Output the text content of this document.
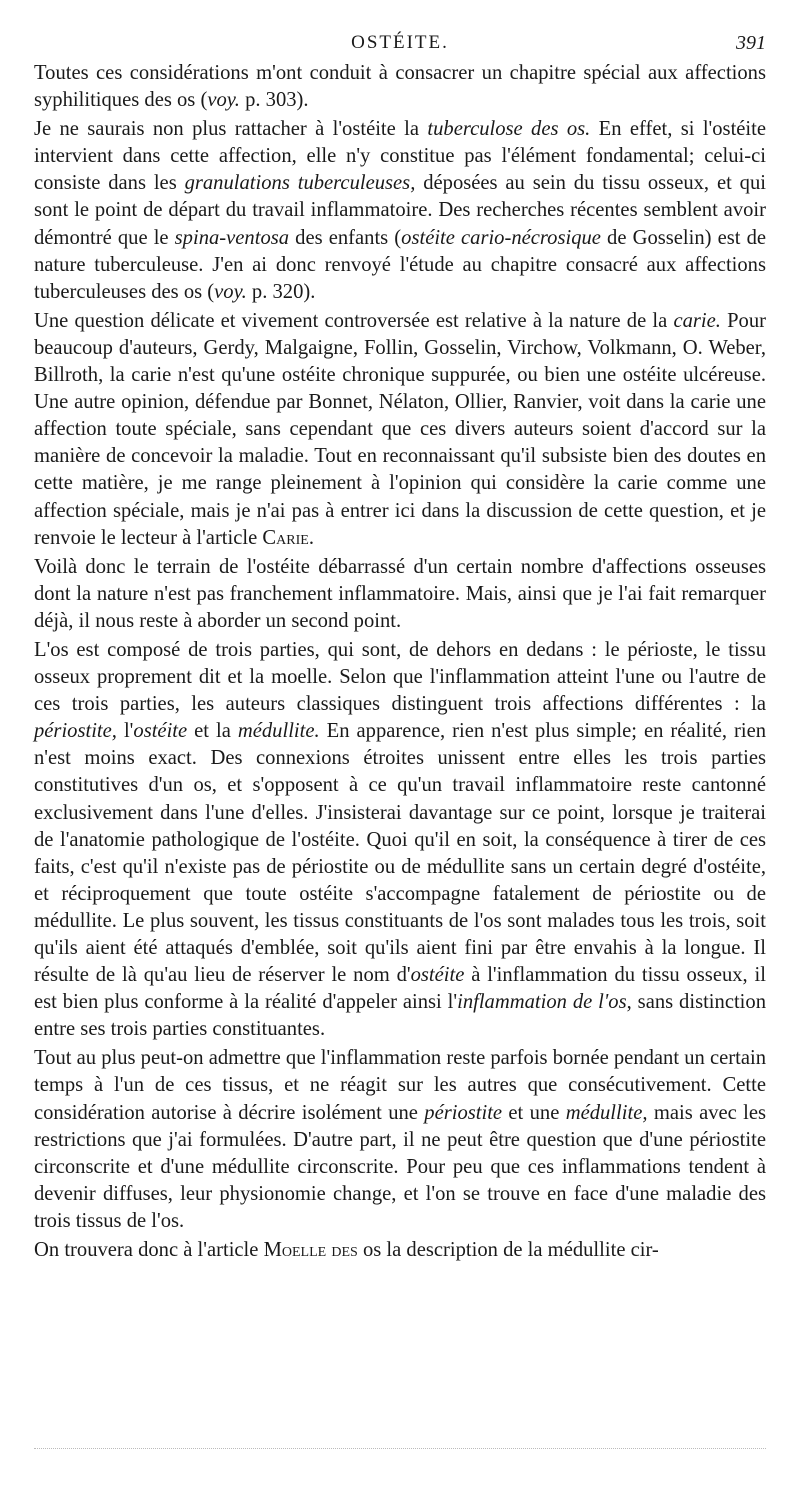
OSTÉITE.	391

Toutes ces considérations m'ont conduit à consacrer un chapitre spécial aux affections syphilitiques des os (voy. p. 303).

Je ne saurais non plus rattacher à l'ostéite la tuberculose des os. En effet, si l'ostéite intervient dans cette affection, elle n'y constitue pas l'élément fondamental; celui-ci consiste dans les granulations tuberculeuses, déposées au sein du tissu osseux, et qui sont le point de départ du travail inflammatoire. Des recherches récentes semblent avoir démontré que le spina-ventosa des enfants (ostéite cario-nécrosique de Gosselin) est de nature tuberculeuse. J'en ai donc renvoyé l'étude au chapitre consacré aux affections tuberculeuses des os (voy. p. 320).

Une question délicate et vivement controversée est relative à la nature de la carie. Pour beaucoup d'auteurs, Gerdy, Malgaigne, Follin, Gosselin, Virchow, Volkmann, O. Weber, Billroth, la carie n'est qu'une ostéite chronique suppurée, ou bien une ostéite ulcéreuse. Une autre opinion, défendue par Bonnet, Nélaton, Ollier, Ranvier, voit dans la carie une affection toute spéciale, sans cependant que ces divers auteurs soient d'accord sur la manière de concevoir la maladie. Tout en reconnaissant qu'il subsiste bien des doutes en cette matière, je me range pleinement à l'opinion qui considère la carie comme une affection spéciale, mais je n'ai pas à entrer ici dans la discussion de cette question, et je renvoie le lecteur à l'article Carie.

Voilà donc le terrain de l'ostéite débarrassé d'un certain nombre d'affections osseuses dont la nature n'est pas franchement inflammatoire. Mais, ainsi que je l'ai fait remarquer déjà, il nous reste à aborder un second point.

L'os est composé de trois parties, qui sont, de dehors en dedans : le périoste, le tissu osseux proprement dit et la moelle. Selon que l'inflammation atteint l'une ou l'autre de ces trois parties, les auteurs classiques distinguent trois affections différentes : la périostite, l'ostéite et la médullite. En apparence, rien n'est plus simple; en réalité, rien n'est moins exact. Des connexions étroites unissent entre elles les trois parties constitutives d'un os, et s'opposent à ce qu'un travail inflammatoire reste cantonné exclusivement dans l'une d'elles. J'insisterai davantage sur ce point, lorsque je traiterai de l'anatomie pathologique de l'ostéite. Quoi qu'il en soit, la conséquence à tirer de ces faits, c'est qu'il n'existe pas de périostite ou de médullite sans un certain degré d'ostéite, et réciproquement que toute ostéite s'accompagne fatalement de périostite ou de médullite. Le plus souvent, les tissus constituants de l'os sont malades tous les trois, soit qu'ils aient été attaqués d'emblée, soit qu'ils aient fini par être envahis à la longue. Il résulte de là qu'au lieu de réserver le nom d'ostéite à l'inflammation du tissu osseux, il est bien plus conforme à la réalité d'appeler ainsi l'inflammation de l'os, sans distinction entre ses trois parties constituantes.

Tout au plus peut-on admettre que l'inflammation reste parfois bornée pendant un certain temps à l'un de ces tissus, et ne réagit sur les autres que consécutivement. Cette considération autorise à décrire isolément une périostite et une médullite, mais avec les restrictions que j'ai formulées. D'autre part, il ne peut être question que d'une périostite circonscrite et d'une médullite circonscrite. Pour peu que ces inflammations tendent à devenir diffuses, leur physionomie change, et l'on se trouve en face d'une maladie des trois tissus de l'os.

On trouvera donc à l'article Moelle des os la description de la médullite cir-
